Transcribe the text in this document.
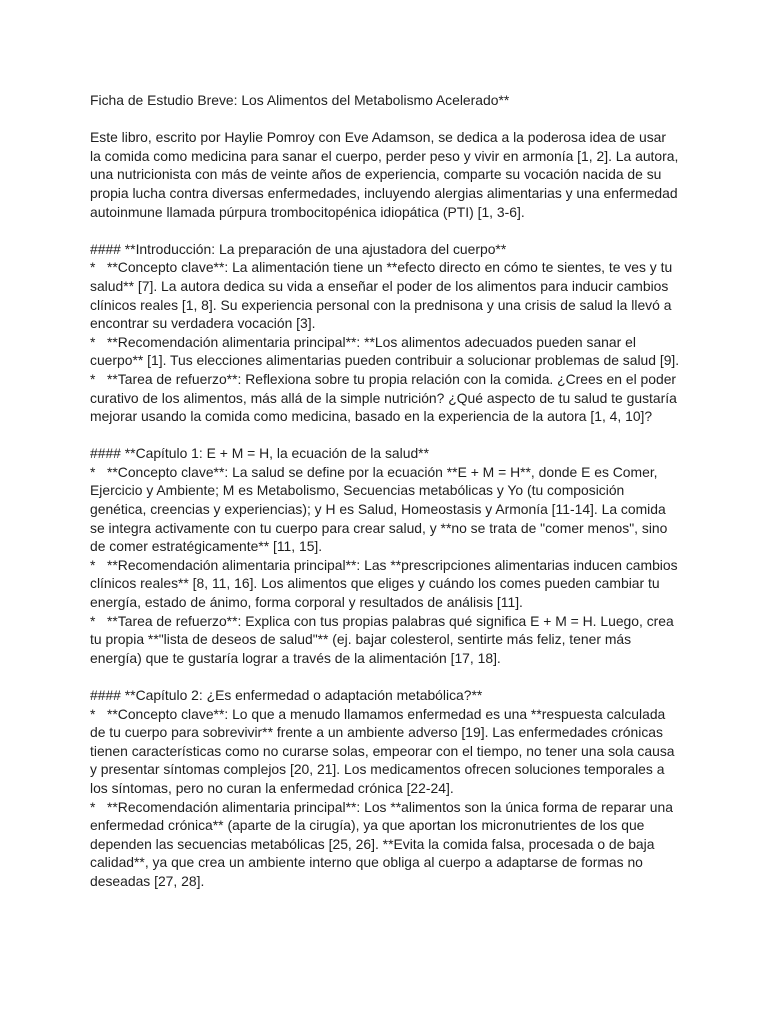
Ficha de Estudio Breve: Los Alimentos del Metabolismo Acelerado**

Este libro, escrito por Haylie Pomroy con Eve Adamson, se dedica a la poderosa idea de usar

la comida como medicina para sanar el cuerpo, perder peso y vivir en armonía [1, 2]. La autora,

una nutricionista con más de veinte años de experiencia, comparte su vocación nacida de su

propia lucha contra diversas enfermedades, incluyendo alergias alimentarias y una enfermedad

autoinmune llamada púrpura trombocitopénica idiopática (PTI) [1, 3-6].

#### **Introducción: La preparación de una ajustadora del cuerpo**

*   **Concepto clave**: La alimentación tiene un **efecto directo en cómo te sientes, te ves y tu

salud** [7]. La autora dedica su vida a enseñar el poder de los alimentos para inducir cambios

clínicos reales [1, 8]. Su experiencia personal con la prednisona y una crisis de salud la llevó a

encontrar su verdadera vocación [3].

*   **Recomendación alimentaria principal**: **Los alimentos adecuados pueden sanar el

cuerpo** [1]. Tus elecciones alimentarias pueden contribuir a solucionar problemas de salud [9].

*   **Tarea de refuerzo**: Reflexiona sobre tu propia relación con la comida. ¿Crees en el poder

curativo de los alimentos, más allá de la simple nutrición? ¿Qué aspecto de tu salud te gustaría

mejorar usando la comida como medicina, basado en la experiencia de la autora [1, 4, 10]?

#### **Capítulo 1: E + M = H, la ecuación de la salud**

*   **Concepto clave**: La salud se define por la ecuación **E + M = H**, donde E es Comer,

Ejercicio y Ambiente; M es Metabolismo, Secuencias metabólicas y Yo (tu composición

genética, creencias y experiencias); y H es Salud, Homeostasis y Armonía [11-14]. La comida

se integra activamente con tu cuerpo para crear salud, y **no se trata de "comer menos", sino

de comer estratégicamente** [11, 15].

*   **Recomendación alimentaria principal**: Las **prescripciones alimentarias inducen cambios

clínicos reales** [8, 11, 16]. Los alimentos que eliges y cuándo los comes pueden cambiar tu

energía, estado de ánimo, forma corporal y resultados de análisis [11].

*   **Tarea de refuerzo**: Explica con tus propias palabras qué significa E + M = H. Luego, crea

tu propia **"lista de deseos de salud"** (ej. bajar colesterol, sentirte más feliz, tener más

energía) que te gustaría lograr a través de la alimentación [17, 18].

#### **Capítulo 2: ¿Es enfermedad o adaptación metabólica?**

*   **Concepto clave**: Lo que a menudo llamamos enfermedad es una **respuesta calculada

de tu cuerpo para sobrevivir** frente a un ambiente adverso [19]. Las enfermedades crónicas

tienen características como no curarse solas, empeorar con el tiempo, no tener una sola causa

y presentar síntomas complejos [20, 21]. Los medicamentos ofrecen soluciones temporales a

los síntomas, pero no curan la enfermedad crónica [22-24].

*   **Recomendación alimentaria principal**: Los **alimentos son la única forma de reparar una

enfermedad crónica** (aparte de la cirugía), ya que aportan los micronutrientes de los que

dependen las secuencias metabólicas [25, 26]. **Evita la comida falsa, procesada o de baja

calidad**, ya que crea un ambiente interno que obliga al cuerpo a adaptarse de formas no

deseadas [27, 28].
